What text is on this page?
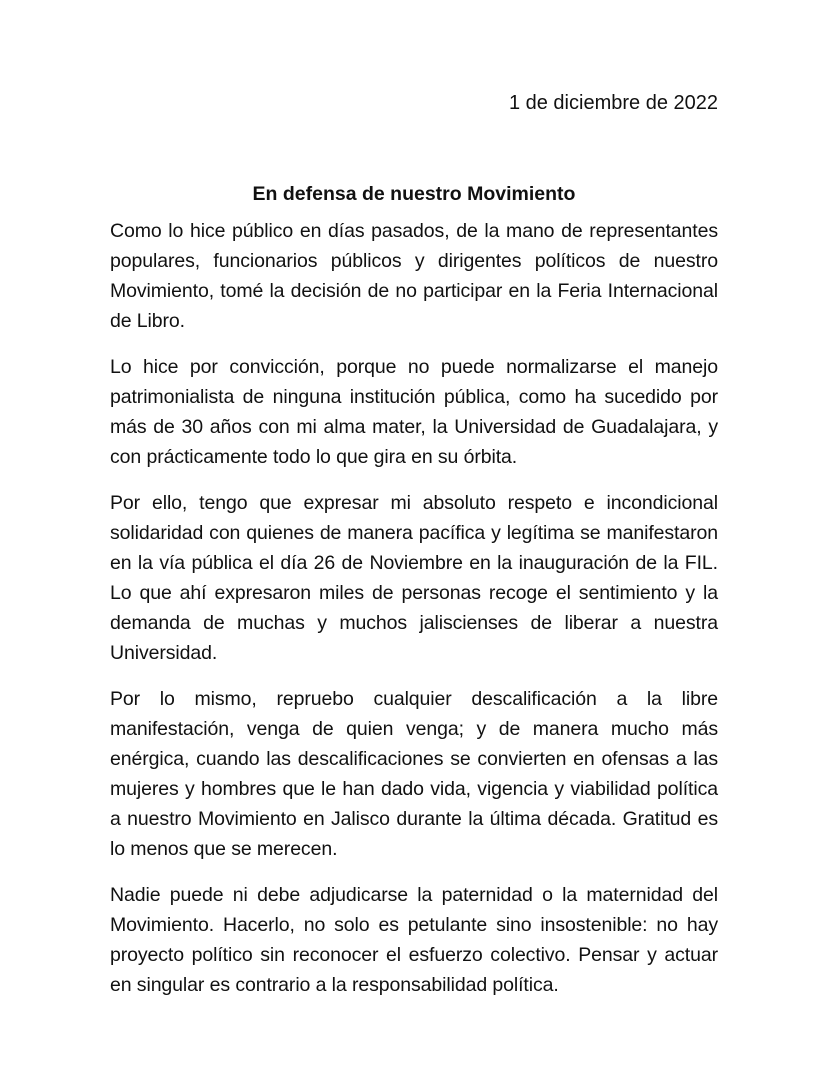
1 de diciembre de 2022
En defensa de nuestro Movimiento

Como lo hice público en días pasados, de la mano de representantes populares, funcionarios públicos y dirigentes políticos de nuestro Movimiento, tomé la decisión de no participar en la Feria Internacional de Libro.

Lo hice por convicción, porque no puede normalizarse el manejo patrimonialista de ninguna institución pública, como ha sucedido por más de 30 años con mi alma mater, la Universidad de Guadalajara, y con prácticamente todo lo que gira en su órbita.

Por ello, tengo que expresar mi absoluto respeto e incondicional solidaridad con quienes de manera pacífica y legítima se manifestaron en la vía pública el día 26 de Noviembre en la inauguración de la FIL. Lo que ahí expresaron miles de personas recoge el sentimiento y la demanda de muchas y muchos jaliscienses de liberar a nuestra Universidad.

Por lo mismo, repruebo cualquier descalificación a la libre manifestación, venga de quien venga; y de manera mucho más enérgica, cuando las descalificaciones se convierten en ofensas a las mujeres y hombres que le han dado vida, vigencia y viabilidad política a nuestro Movimiento en Jalisco durante la última década. Gratitud es lo menos que se merecen.

Nadie puede ni debe adjudicarse la paternidad o la maternidad del Movimiento. Hacerlo, no solo es petulante sino insostenible: no hay proyecto político sin reconocer el esfuerzo colectivo. Pensar y actuar en singular es contrario a la responsabilidad política.
